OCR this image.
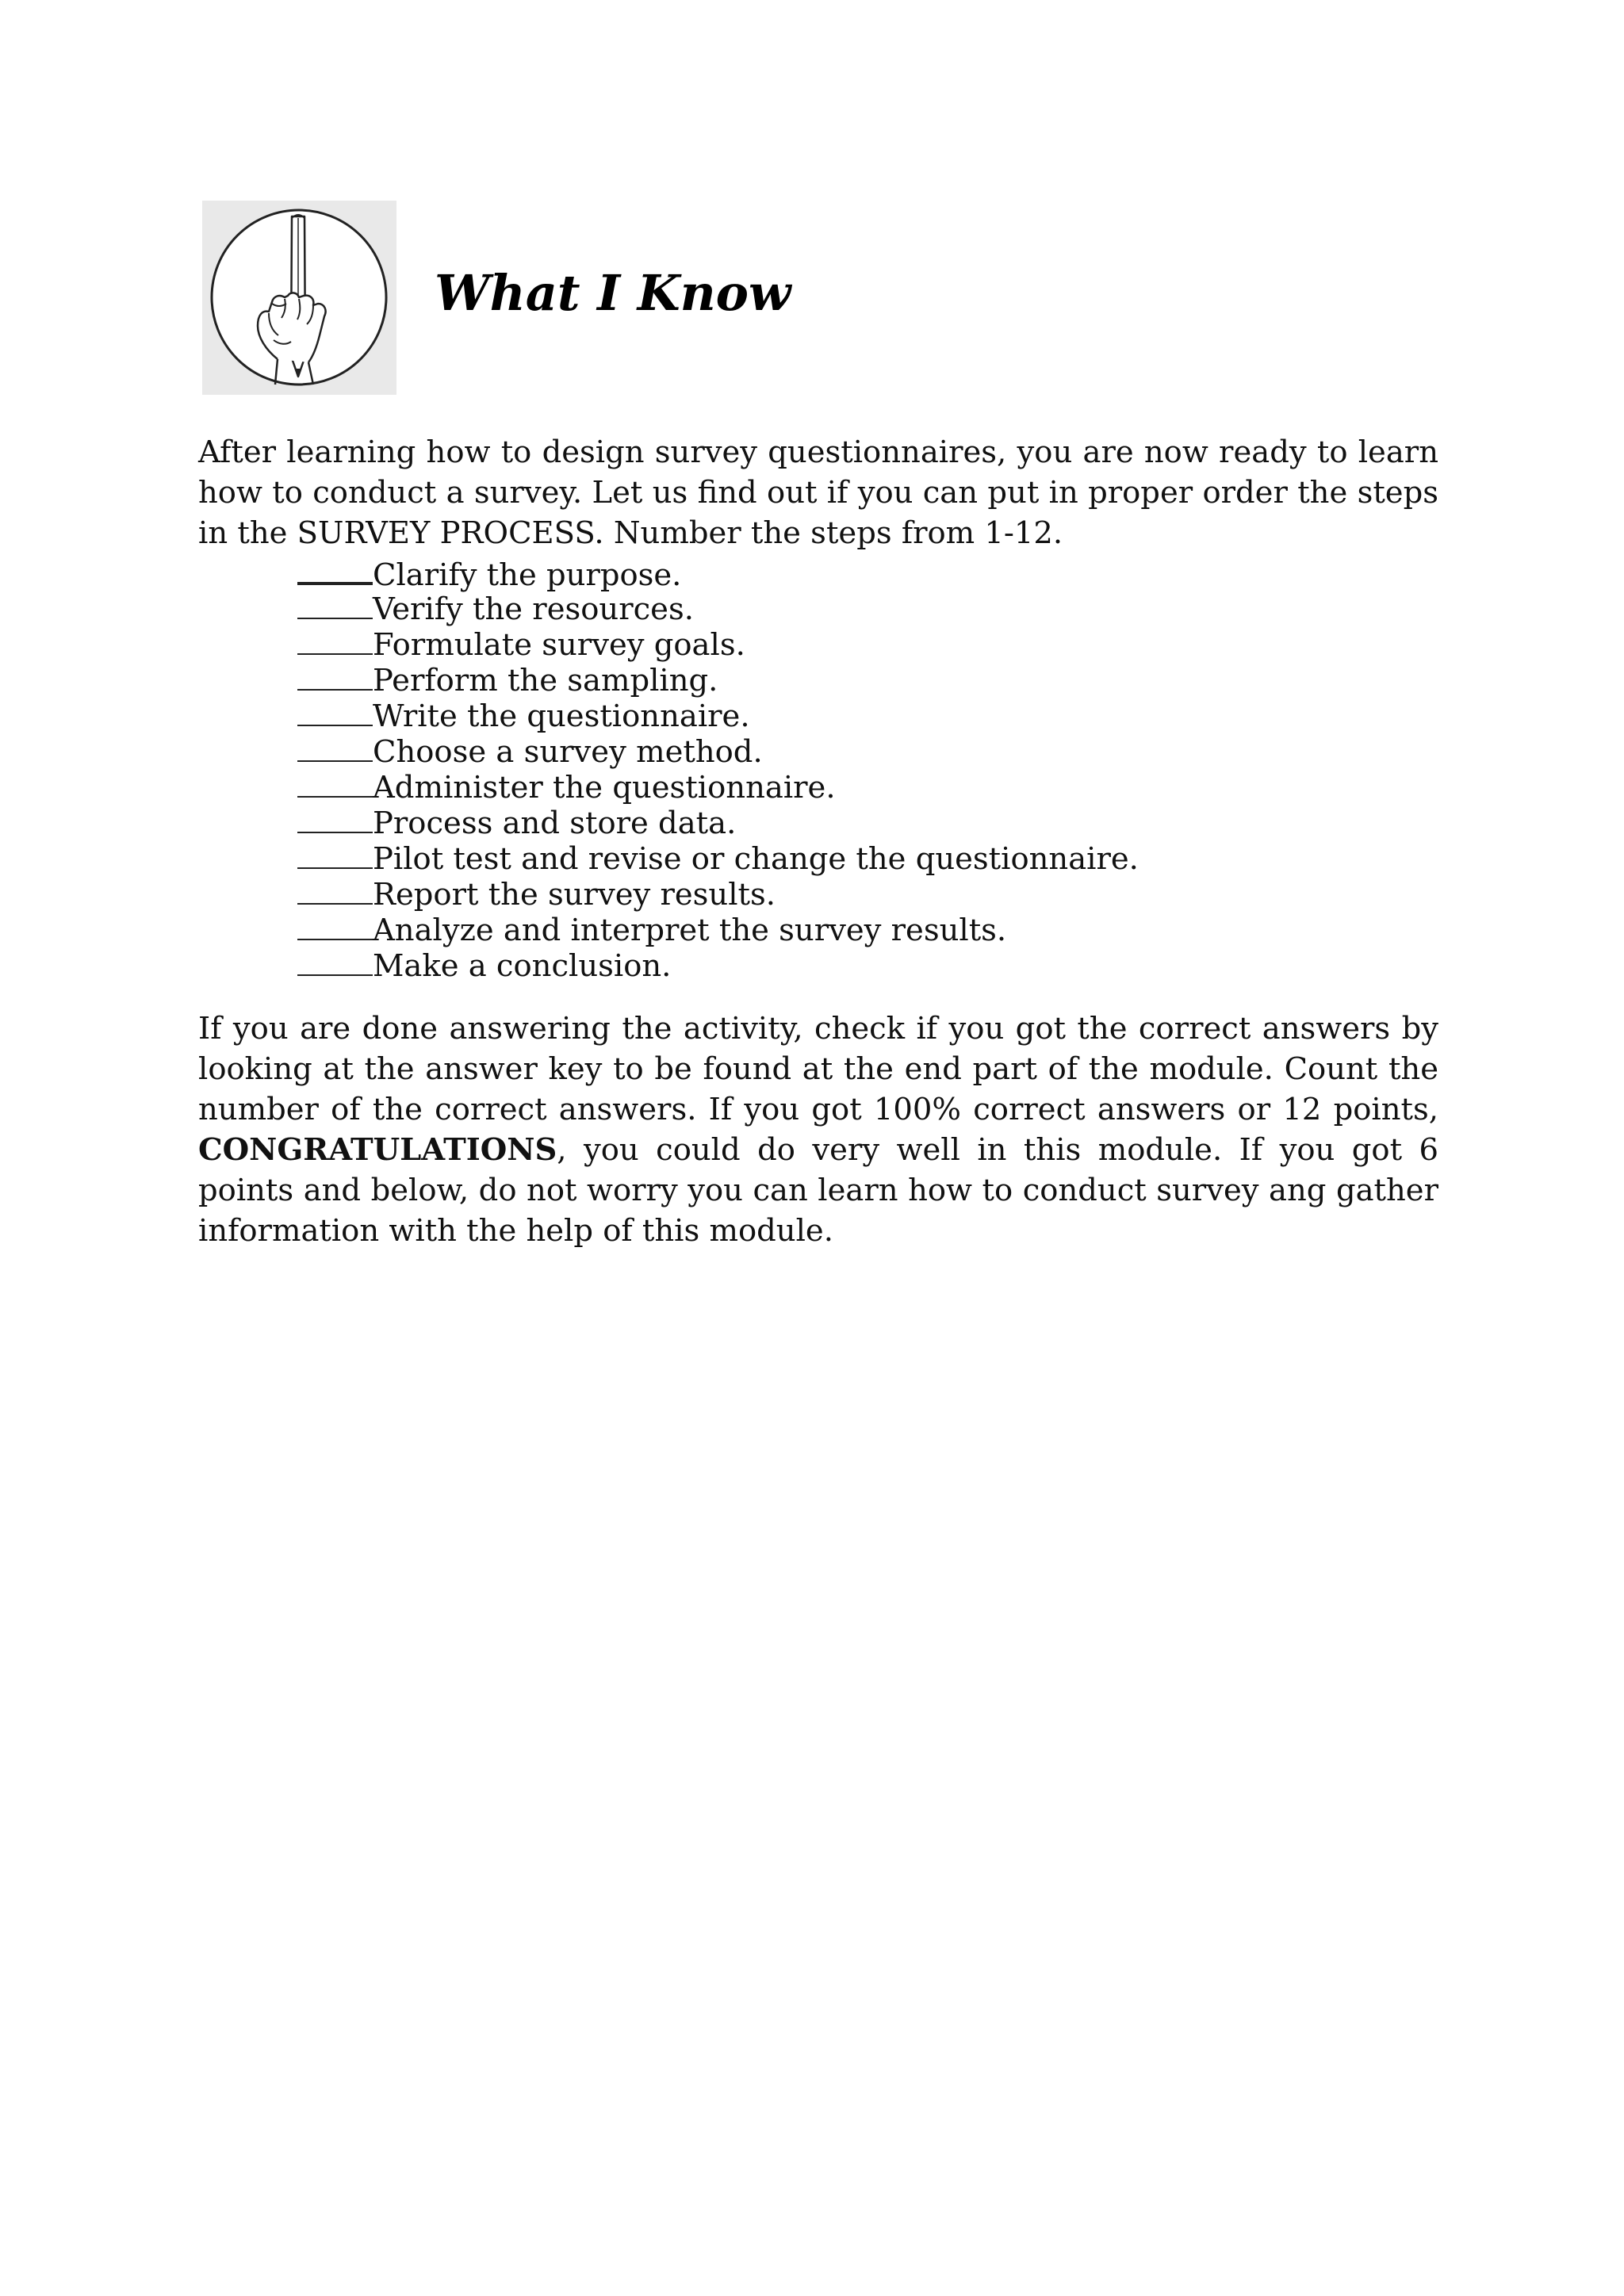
What I Know

After learning how to design survey questionnaires, you are now ready to learn how to conduct a survey. Let us find out if you can put in proper order the steps in the SURVEY PROCESS. Number the steps from 1-12.

Clarify the purpose.
Verify the resources.
Formulate survey goals.
Perform the sampling.
Write the questionnaire.
Choose a survey method.
Administer the questionnaire.
Process and store data.
Pilot test and revise or change the questionnaire.
Report the survey results.
Analyze and interpret the survey results.
Make a conclusion.

If you are done answering the activity, check if you got the correct answers by looking at the answer key to be found at the end part of the module. Count the number of the correct answers. If you got 100% correct answers or 12 points, CONGRATULATIONS, you could do very well in this module. If you got 6 points and below, do not worry you can learn how to conduct survey ang gather information with the help of this module.
